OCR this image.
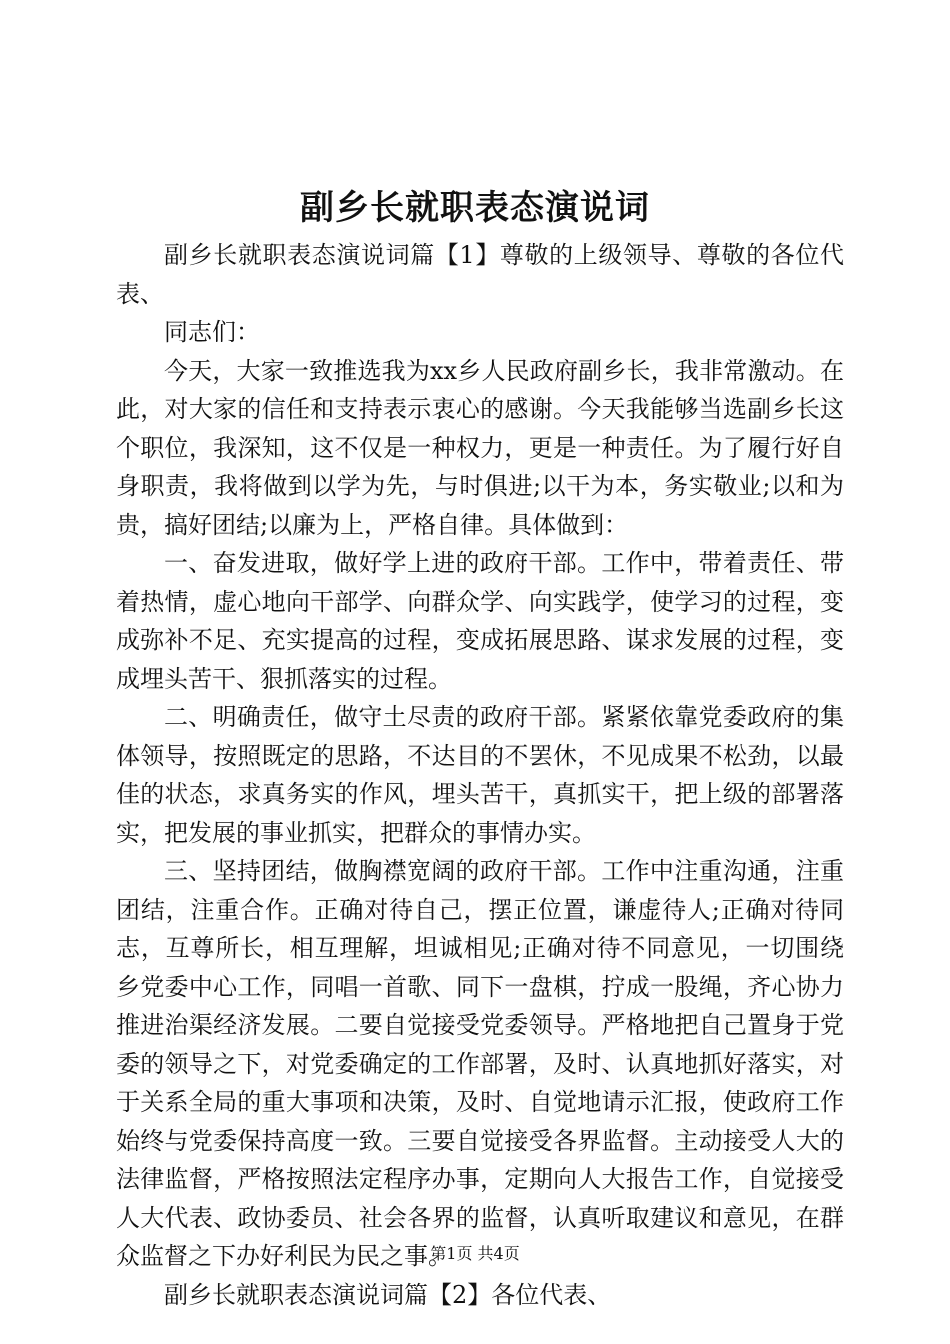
副乡长就职表态演说词

副乡长就职表态演说词篇【1】尊敬的上级领导、尊敬的各位代表、

同志们：

今天，大家一致推选我为xx乡人民政府副乡长，我非常激动。在此，对大家的信任和支持表示衷心的感谢。今天我能够当选副乡长这个职位，我深知，这不仅是一种权力，更是一种责任。为了履行好自身职责，我将做到以学为先，与时俱进;以干为本，务实敬业;以和为贵，搞好团结;以廉为上，严格自律。具体做到：

一、奋发进取，做好学上进的政府干部。工作中，带着责任、带着热情，虚心地向干部学、向群众学、向实践学，使学习的过程，变成弥补不足、充实提高的过程，变成拓展思路、谋求发展的过程，变成埋头苦干、狠抓落实的过程。

二、明确责任，做守土尽责的政府干部。紧紧依靠党委政府的集体领导，按照既定的思路，不达目的不罢休，不见成果不松劲，以最佳的状态，求真务实的作风，埋头苦干，真抓实干，把上级的部署落实，把发展的事业抓实，把群众的事情办实。

三、坚持团结，做胸襟宽阔的政府干部。工作中注重沟通，注重团结，注重合作。正确对待自己，摆正位置，谦虚待人;正确对待同志，互尊所长，相互理解，坦诚相见;正确对待不同意见，一切围绕乡党委中心工作，同唱一首歌、同下一盘棋，拧成一股绳，齐心协力推进治渠经济发展。二要自觉接受党委领导。严格地把自己置身于党委的领导之下，对党委确定的工作部署，及时、认真地抓好落实，对于关系全局的重大事项和决策，及时、自觉地请示汇报，使政府工作始终与党委保持高度一致。三要自觉接受各界监督。主动接受人大的法律监督，严格按照法定程序办事，定期向人大报告工作，自觉接受人大代表、政协委员、社会各界的监督，认真听取建议和意见，在群众监督之下办好利民为民之事。

副乡长就职表态演说词篇【2】各位代表、

第1页 共4页
